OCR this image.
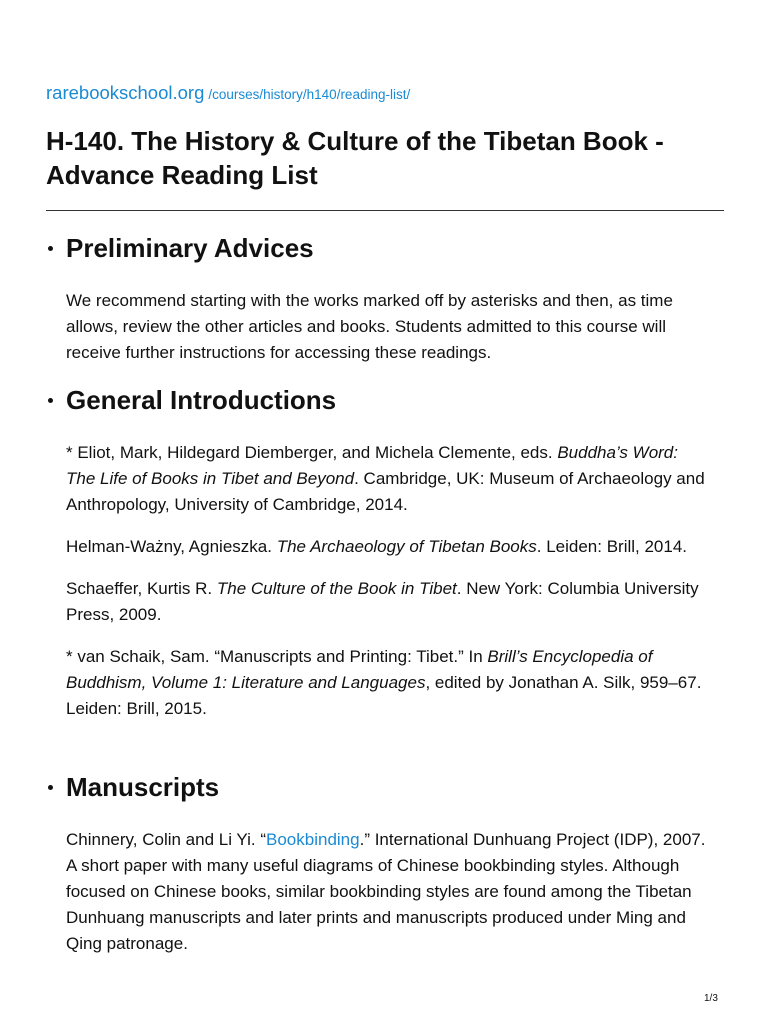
rarebookschool.org /courses/history/h140/reading-list/
H-140. The History & Culture of the Tibetan Book - Advance Reading List
Preliminary Advices

We recommend starting with the works marked off by asterisks and then, as time allows, review the other articles and books. Students admitted to this course will receive further instructions for accessing these readings.

General Introductions

* Eliot, Mark, Hildegard Diemberger, and Michela Clemente, eds. Buddha’s Word: The Life of Books in Tibet and Beyond. Cambridge, UK: Museum of Archaeology and Anthropology, University of Cambridge, 2014.

Helman-Ważny, Agnieszka. The Archaeology of Tibetan Books. Leiden: Brill, 2014.

Schaeffer, Kurtis R. The Culture of the Book in Tibet. New York: Columbia University Press, 2009.

* van Schaik, Sam. “Manuscripts and Printing: Tibet.” In Brill’s Encyclopedia of Buddhism, Volume 1: Literature and Languages, edited by Jonathan A. Silk, 959–67. Leiden: Brill, 2015.

Manuscripts

Chinnery, Colin and Li Yi. “Bookbinding.” International Dunhuang Project (IDP), 2007. A short paper with many useful diagrams of Chinese bookbinding styles. Although focused on Chinese books, similar bookbinding styles are found among the Tibetan Dunhuang manuscripts and later prints and manuscripts produced under Ming and Qing patronage.

1/3
